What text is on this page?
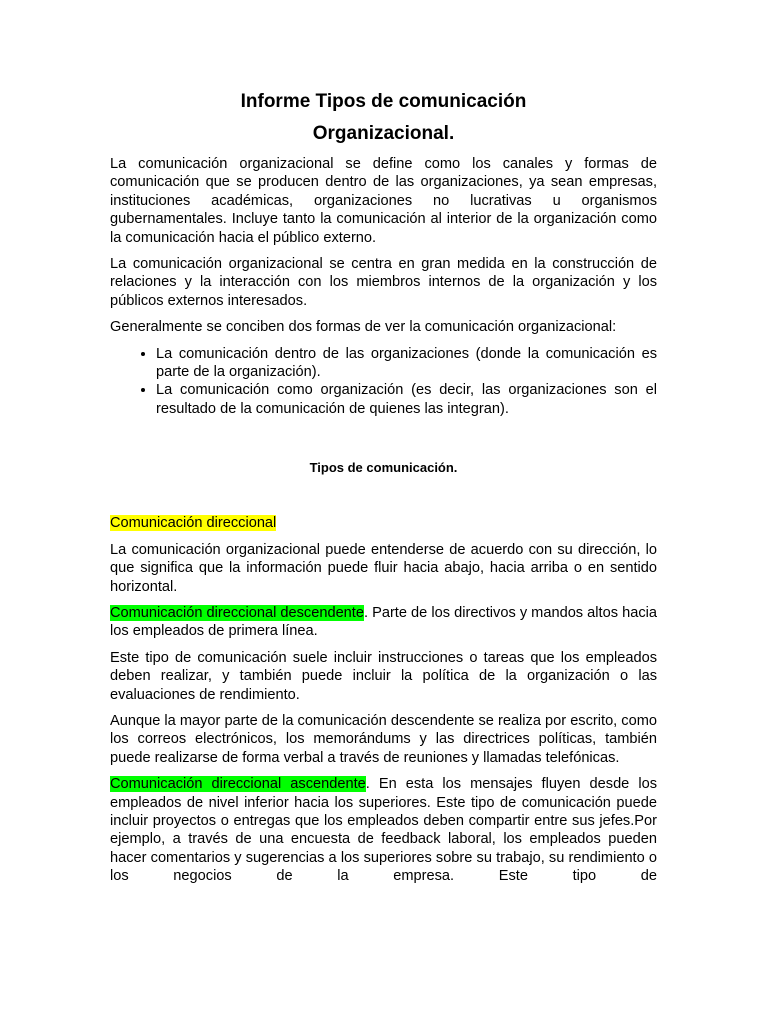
Informe Tipos de comunicación
Organizacional.

La comunicación organizacional se define como los canales y formas de comunicación que se producen dentro de las organizaciones, ya sean empresas, instituciones académicas, organizaciones no lucrativas u organismos gubernamentales. Incluye tanto la comunicación al interior de la organización como la comunicación hacia el público externo.

La comunicación organizacional se centra en gran medida en la construcción de relaciones y la interacción con los miembros internos de la organización y los públicos externos interesados.

Generalmente se conciben dos formas de ver la comunicación organizacional:

• La comunicación dentro de las organizaciones (donde la comunicación es parte de la organización).
• La comunicación como organización (es decir, las organizaciones son el resultado de la comunicación de quienes las integran).
Tipos de comunicación.
Comunicación direccional

La comunicación organizacional puede entenderse de acuerdo con su dirección, lo que significa que la información puede fluir hacia abajo, hacia arriba o en sentido horizontal.

Comunicación direccional descendente. Parte de los directivos y mandos altos hacia los empleados de primera línea.

Este tipo de comunicación suele incluir instrucciones o tareas que los empleados deben realizar, y también puede incluir la política de la organización o las evaluaciones de rendimiento.

Aunque la mayor parte de la comunicación descendente se realiza por escrito, como los correos electrónicos, los memorándums y las directrices políticas, también puede realizarse de forma verbal a través de reuniones y llamadas telefónicas.

Comunicación direccional ascendente. En esta los mensajes fluyen desde los empleados de nivel inferior hacia los superiores. Este tipo de comunicación puede incluir proyectos o entregas que los empleados deben compartir entre sus jefes.Por ejemplo, a través de una encuesta de feedback laboral, los empleados pueden hacer comentarios y sugerencias a los superiores sobre su trabajo, su rendimiento o los negocios de la empresa. Este tipo de
